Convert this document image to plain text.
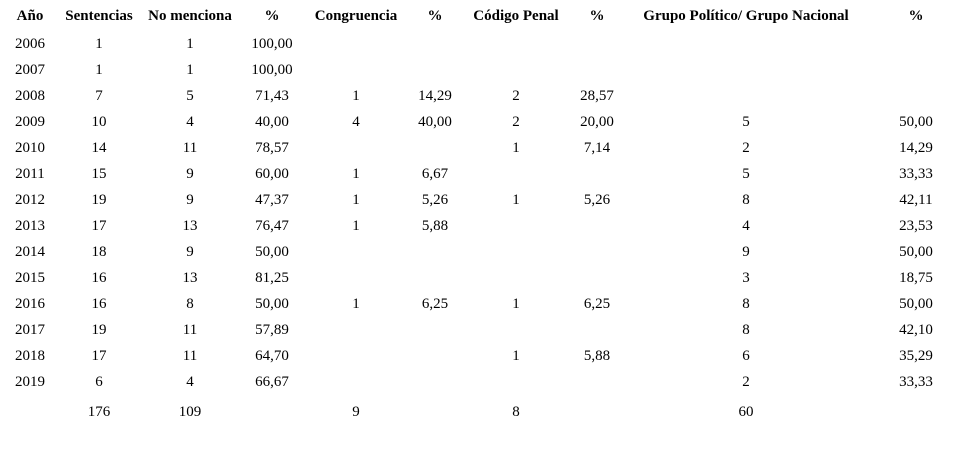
Año	Sentencias	No menciona	%	Congruencia	%	Código Penal	%	Grupo Político/ Grupo Nacional	%
2006	1	1	100,00						
2007	1	1	100,00						
2008	7	5	71,43	1	14,29	2	28,57		
2009	10	4	40,00	4	40,00	2	20,00	5	50,00
2010	14	11	78,57			1	7,14	2	14,29
2011	15	9	60,00	1	6,67			5	33,33
2012	19	9	47,37	1	5,26	1	5,26	8	42,11
2013	17	13	76,47	1	5,88			4	23,53
2014	18	9	50,00					9	50,00
2015	16	13	81,25					3	18,75
2016	16	8	50,00	1	6,25	1	6,25	8	50,00
2017	19	11	57,89					8	42,10
2018	17	11	64,70			1	5,88	6	35,29
2019	6	4	66,67					2	33,33
	176	109		9		8		60	
